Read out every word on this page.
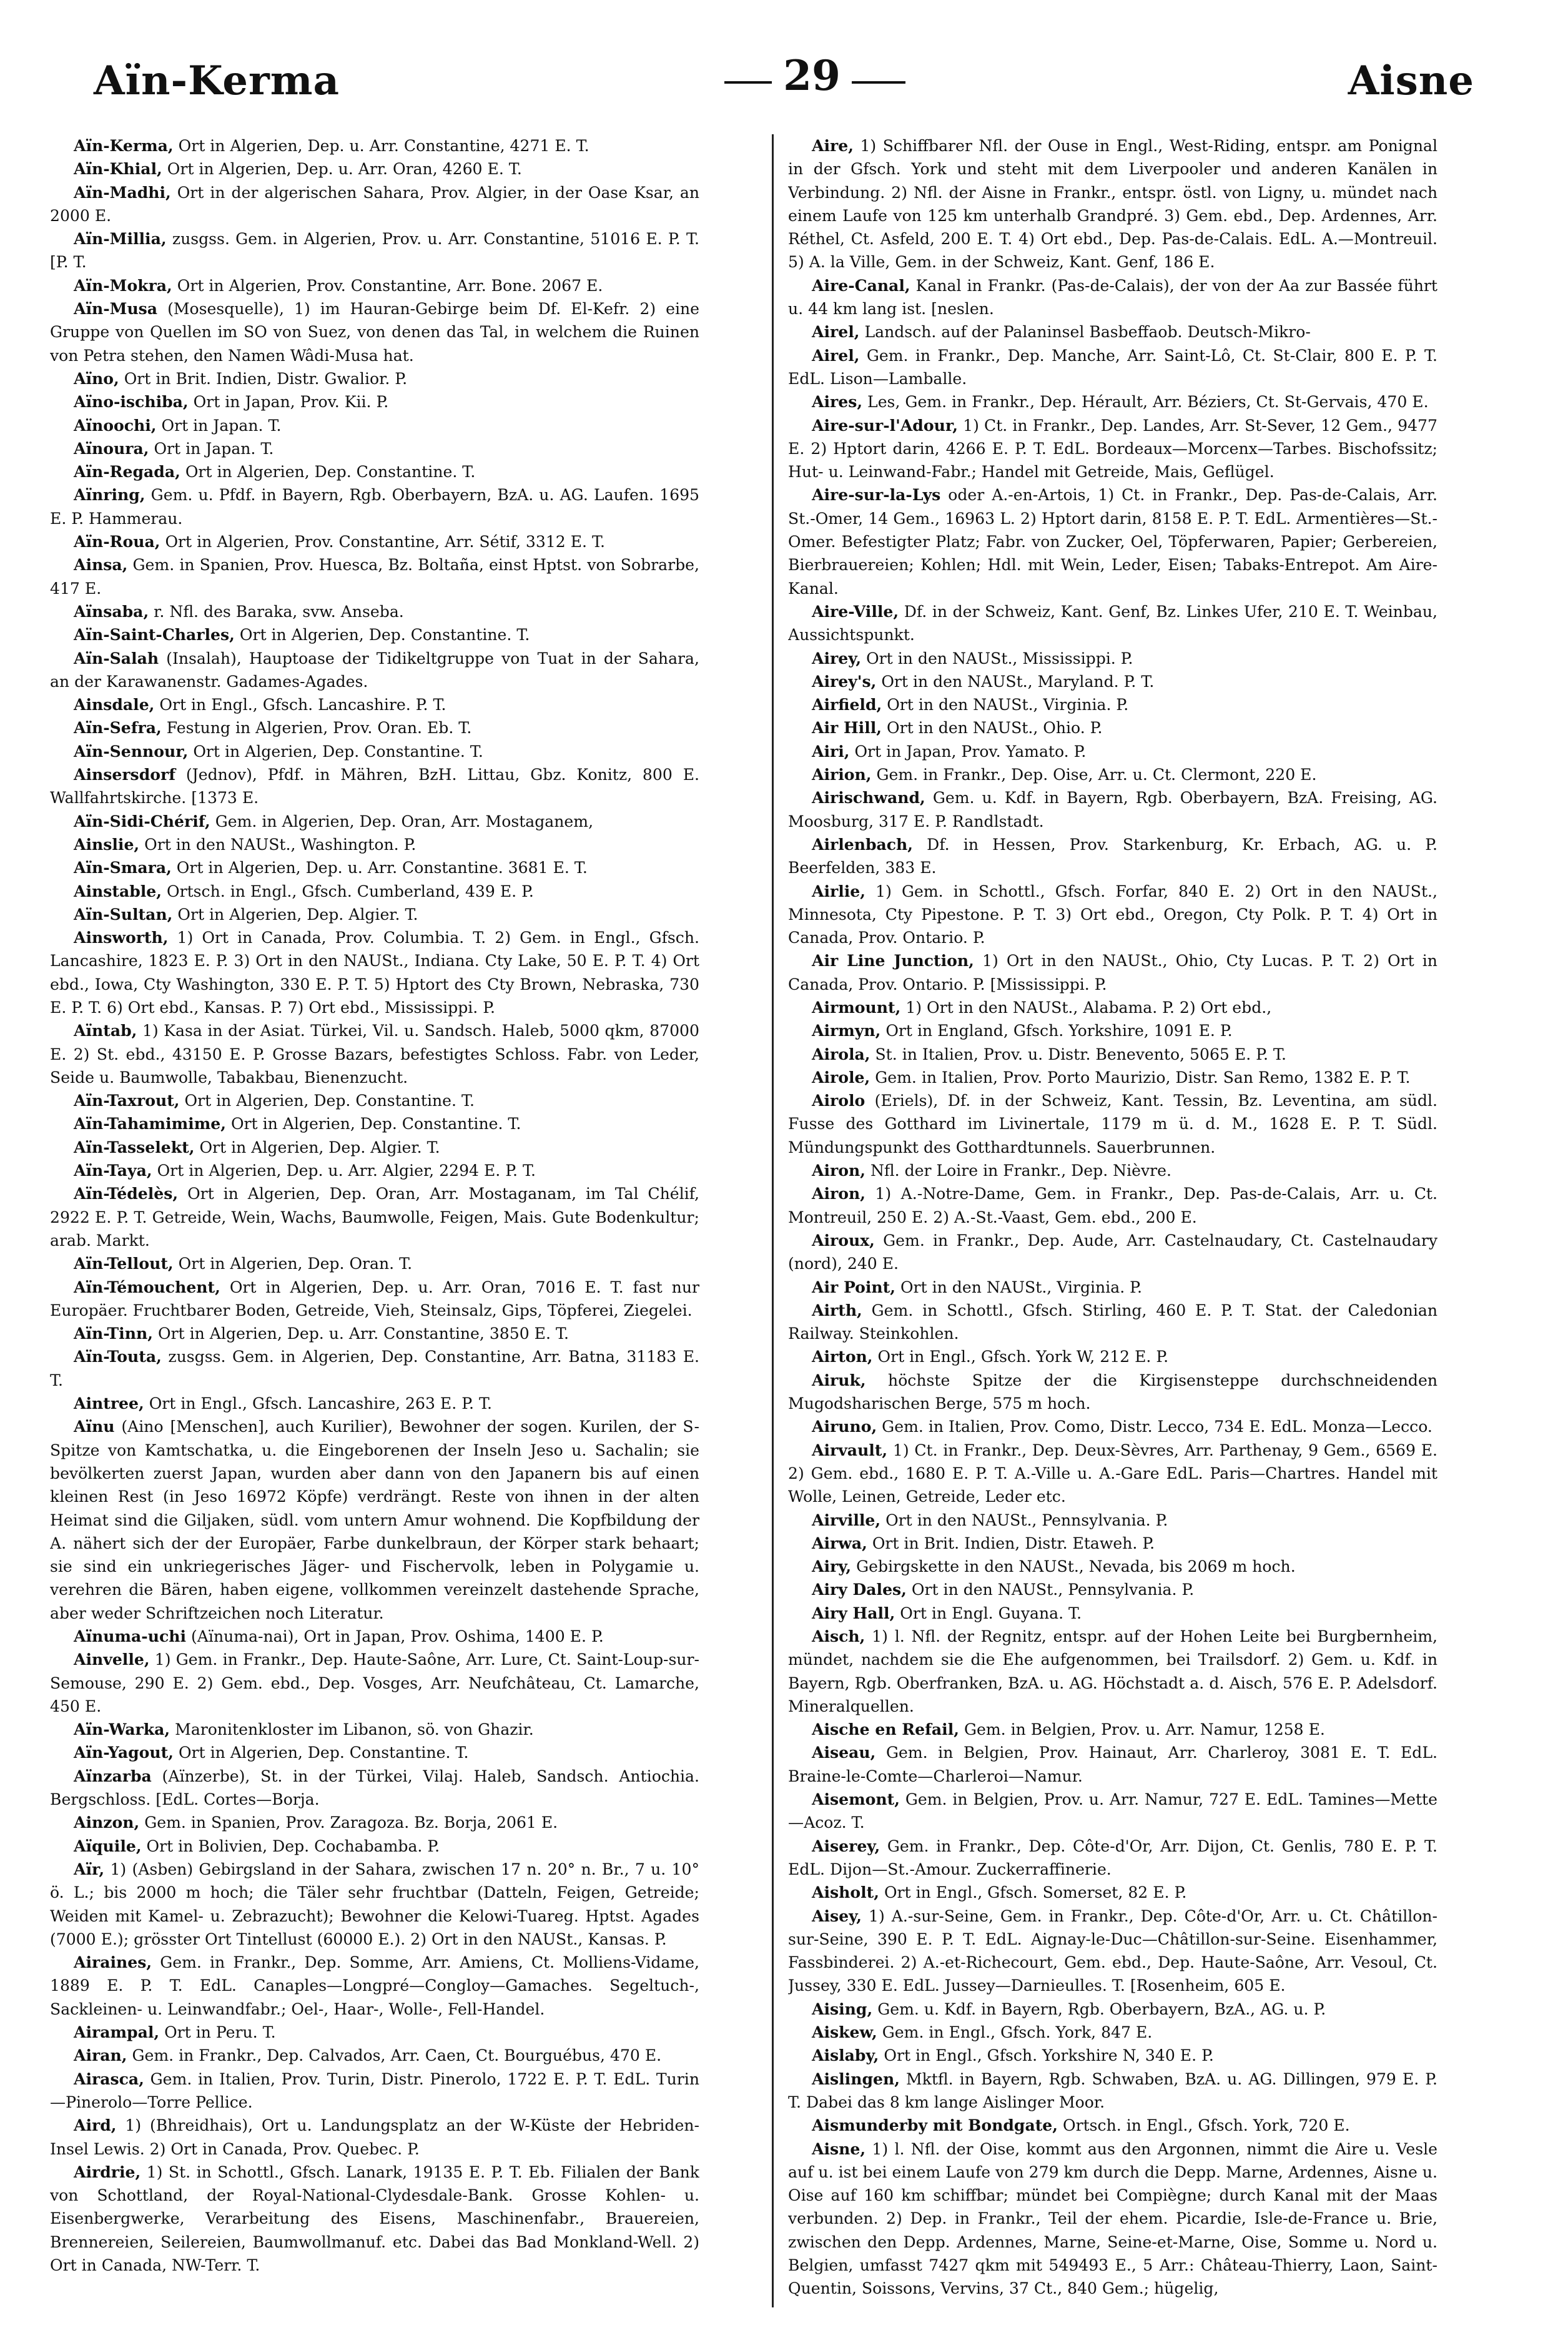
Aïn-Kerma	29	Aisne

Aïn-Kerma, Ort in Algerien, Dep. u. Arr. Constantine, 4271 E. T.

Aïn-Khial, Ort in Algerien, Dep. u. Arr. Oran, 4260 E. T.

Aïn-Madhi, Ort in der algerischen Sahara, Prov. Algier, in der Oase Ksar, an 2000 E.

Aïn-Millia, zusgss. Gem. in Algerien, Prov. u. Arr. Constantine, 51016 E. P. T. [P. T.

Aïn-Mokra, Ort in Algerien, Prov. Constantine, Arr. Bone. 2067 E.

Aïn-Musa (Mosesquelle), 1) im Hauran-Gebirge beim Df. El-Kefr. 2) eine Gruppe von Quellen im SO von Suez, von denen das Tal, in welchem die Ruinen von Petra stehen, den Namen Wâdi-Musa hat.

Aïno, Ort in Brit. Indien, Distr. Gwalior. P.

Aïno-ischiba, Ort in Japan, Prov. Kii. P.

Aïnoochi, Ort in Japan. T.

Aïnoura, Ort in Japan. T.

Aïn-Regada, Ort in Algerien, Dep. Constantine. T.

Aïnring, Gem. u. Pfdf. in Bayern, Rgb. Oberbayern, BzA. u. AG. Laufen. 1695 E. P. Hammerau.

Aïn-Roua, Ort in Algerien, Prov. Constantine, Arr. Sétif, 3312 E. T.

Ainsa, Gem. in Spanien, Prov. Huesca, Bz. Boltaña, einst Hptst. von Sobrarbe, 417 E.

Aïnsaba, r. Nfl. des Baraka, svw. Anseba.

Aïn-Saint-Charles, Ort in Algerien, Dep. Constantine. T.

Aïn-Salah (Insalah), Hauptoase der Tidikeltgruppe von Tuat in der Sahara, an der Karawanenstr. Gadames-Agades.

Ainsdale, Ort in Engl., Gfsch. Lancashire. P. T.

Aïn-Sefra, Festung in Algerien, Prov. Oran. Eb. T.

Aïn-Sennour, Ort in Algerien, Dep. Constantine. T.

Ainsersdorf (Jednov), Pfdf. in Mähren, BzH. Littau, Gbz. Konitz, 800 E. Wallfahrtskirche. [1373 E.

Aïn-Sidi-Chérif, Gem. in Algerien, Dep. Oran, Arr. Mostaganem,

Ainslie, Ort in den NAUSt., Washington. P.

Aïn-Smara, Ort in Algerien, Dep. u. Arr. Constantine. 3681 E. T.

Ainstable, Ortsch. in Engl., Gfsch. Cumberland, 439 E. P.

Aïn-Sultan, Ort in Algerien, Dep. Algier. T.

Ainsworth, 1) Ort in Canada, Prov. Columbia. T. 2) Gem. in Engl., Gfsch. Lancashire, 1823 E. P. 3) Ort in den NAUSt., Indiana. Cty Lake, 50 E. P. T. 4) Ort ebd., Iowa, Cty Washington, 330 E. P. T. 5) Hptort des Cty Brown, Nebraska, 730 E. P. T. 6) Ort ebd., Kansas. P. 7) Ort ebd., Mississippi. P.

Aïntab, 1) Kasa in der Asiat. Türkei, Vil. u. Sandsch. Haleb, 5000 qkm, 87000 E. 2) St. ebd., 43150 E. P. Grosse Bazars, befestigtes Schloss. Fabr. von Leder, Seide u. Baumwolle, Tabakbau, Bienenzucht.

Aïn-Taxrout, Ort in Algerien, Dep. Constantine. T.

Aïn-Tahamimime, Ort in Algerien, Dep. Constantine. T.

Aïn-Tasselekt, Ort in Algerien, Dep. Algier. T.

Aïn-Taya, Ort in Algerien, Dep. u. Arr. Algier, 2294 E. P. T.

Aïn-Tédelès, Ort in Algerien, Dep. Oran, Arr. Mostaganam, im Tal Chélif, 2922 E. P. T. Getreide, Wein, Wachs, Baumwolle, Feigen, Mais. Gute Bodenkultur; arab. Markt.

Aïn-Tellout, Ort in Algerien, Dep. Oran. T.

Aïn-Témouchent, Ort in Algerien, Dep. u. Arr. Oran, 7016 E. T. fast nur Europäer. Fruchtbarer Boden, Getreide, Vieh, Steinsalz, Gips, Töpferei, Ziegelei.

Aïn-Tinn, Ort in Algerien, Dep. u. Arr. Constantine, 3850 E. T.

Aïn-Touta, zusgss. Gem. in Algerien, Dep. Constantine, Arr. Batna, 31183 E. T.

Aintree, Ort in Engl., Gfsch. Lancashire, 263 E. P. T.

Aïnu (Aino [Menschen], auch Kurilier), Bewohner der sogen. Kurilen, der S-Spitze von Kamtschatka, u. die Eingeborenen der Inseln Jeso u. Sachalin; sie bevölkerten zuerst Japan, wurden aber dann von den Japanern bis auf einen kleinen Rest (in Jeso 16972 Köpfe) verdrängt. Reste von ihnen in der alten Heimat sind die Giljaken, südl. vom untern Amur wohnend. Die Kopfbildung der A. nähert sich der der Europäer, Farbe dunkelbraun, der Körper stark behaart; sie sind ein unkriegerisches Jäger- und Fischervolk, leben in Polygamie u. verehren die Bären, haben eigene, vollkommen vereinzelt dastehende Sprache, aber weder Schriftzeichen noch Literatur.

Aïnuma-uchi (Aïnuma-nai), Ort in Japan, Prov. Oshima, 1400 E. P.

Ainvelle, 1) Gem. in Frankr., Dep. Haute-Saône, Arr. Lure, Ct. Saint-Loup-sur-Semouse, 290 E. 2) Gem. ebd., Dep. Vosges, Arr. Neufchâteau, Ct. Lamarche, 450 E.

Aïn-Warka, Maronitenkloster im Libanon, sö. von Ghazir.

Aïn-Yagout, Ort in Algerien, Dep. Constantine. T.

Aïnzarba (Aïnzerbe), St. in der Türkei, Vilaj. Haleb, Sandsch. Antiochia. Bergschloss. [EdL. Cortes—Borja.

Ainzon, Gem. in Spanien, Prov. Zaragoza. Bz. Borja, 2061 E.

Aïquile, Ort in Bolivien, Dep. Cochabamba. P.

Aïr, 1) (Asben) Gebirgsland in der Sahara, zwischen 17 n. 20° n. Br., 7 u. 10° ö. L.; bis 2000 m hoch; die Täler sehr fruchtbar (Datteln, Feigen, Getreide; Weiden mit Kamel- u. Zebrazucht); Bewohner die Kelowi-Tuareg. Hptst. Agades (7000 E.); grösster Ort Tintellust (60000 E.). 2) Ort in den NAUSt., Kansas. P.

Airaines, Gem. in Frankr., Dep. Somme, Arr. Amiens, Ct. Molliens-Vidame, 1889 E. P. T. EdL. Canaples—Longpré—Congloy—Gamaches. Segeltuch-, Sackleinen- u. Leinwandfabr.; Oel-, Haar-, Wolle-, Fell-Handel.

Airampal, Ort in Peru. T.

Airan, Gem. in Frankr., Dep. Calvados, Arr. Caen, Ct. Bourguébus, 470 E.

Airasca, Gem. in Italien, Prov. Turin, Distr. Pinerolo, 1722 E. P. T. EdL. Turin—Pinerolo—Torre Pellice.

Aird, 1) (Bhreidhais), Ort u. Landungsplatz an der W-Küste der Hebriden-Insel Lewis. 2) Ort in Canada, Prov. Quebec. P.

Airdrie, 1) St. in Schottl., Gfsch. Lanark, 19135 E. P. T. Eb. Filialen der Bank von Schottland, der Royal-National-Clydesdale-Bank. Grosse Kohlen- u. Eisenbergwerke, Verarbeitung des Eisens, Maschinenfabr., Brauereien, Brennereien, Seilereien, Baumwollmanuf. etc. Dabei das Bad Monkland-Well. 2) Ort in Canada, NW-Terr. T.

Aire, 1) Schiffbarer Nfl. der Ouse in Engl., West-Riding, entspr. am Ponignal in der Gfsch. York und steht mit dem Liverpooler und anderen Kanälen in Verbindung. 2) Nfl. der Aisne in Frankr., entspr. östl. von Ligny, u. mündet nach einem Laufe von 125 km unterhalb Grandpré. 3) Gem. ebd., Dep. Ardennes, Arr. Réthel, Ct. Asfeld, 200 E. T. 4) Ort ebd., Dep. Pas-de-Calais. EdL. A.—Montreuil. 5) A. la Ville, Gem. in der Schweiz, Kant. Genf, 186 E.

Aire-Canal, Kanal in Frankr. (Pas-de-Calais), der von der Aa zur Bassée führt u. 44 km lang ist. [neslen.

Airel, Landsch. auf der Palaninsel Basbeffaob. Deutsch-Mikro-

Airel, Gem. in Frankr., Dep. Manche, Arr. Saint-Lô, Ct. St-Clair, 800 E. P. T. EdL. Lison—Lamballe.

Aires, Les, Gem. in Frankr., Dep. Hérault, Arr. Béziers, Ct. St-Gervais, 470 E.

Aire-sur-l'Adour, 1) Ct. in Frankr., Dep. Landes, Arr. St-Sever, 12 Gem., 9477 E. 2) Hptort darin, 4266 E. P. T. EdL. Bordeaux—Morcenx—Tarbes. Bischofssitz; Hut- u. Leinwand-Fabr.; Handel mit Getreide, Mais, Geflügel.

Aire-sur-la-Lys oder A.-en-Artois, 1) Ct. in Frankr., Dep. Pas-de-Calais, Arr. St.-Omer, 14 Gem., 16963 L. 2) Hptort darin, 8158 E. P. T. EdL. Armentières—St.-Omer. Befestigter Platz; Fabr. von Zucker, Oel, Töpferwaren, Papier; Gerbereien, Bierbrauereien; Kohlen; Hdl. mit Wein, Leder, Eisen; Tabaks-Entrepot. Am Aire-Kanal.

Aire-Ville, Df. in der Schweiz, Kant. Genf, Bz. Linkes Ufer, 210 E. T. Weinbau, Aussichtspunkt.

Airey, Ort in den NAUSt., Mississippi. P.

Airey's, Ort in den NAUSt., Maryland. P. T.

Airfield, Ort in den NAUSt., Virginia. P.

Air Hill, Ort in den NAUSt., Ohio. P.

Airi, Ort in Japan, Prov. Yamato. P.

Airion, Gem. in Frankr., Dep. Oise, Arr. u. Ct. Clermont, 220 E.

Airischwand, Gem. u. Kdf. in Bayern, Rgb. Oberbayern, BzA. Freising, AG. Moosburg, 317 E. P. Randlstadt.

Airlenbach, Df. in Hessen, Prov. Starkenburg, Kr. Erbach, AG. u. P. Beerfelden, 383 E.

Airlie, 1) Gem. in Schottl., Gfsch. Forfar, 840 E. 2) Ort in den NAUSt., Minnesota, Cty Pipestone. P. T. 3) Ort ebd., Oregon, Cty Polk. P. T. 4) Ort in Canada, Prov. Ontario. P.

Air Line Junction, 1) Ort in den NAUSt., Ohio, Cty Lucas. P. T. 2) Ort in Canada, Prov. Ontario. P. [Mississippi. P.

Airmount, 1) Ort in den NAUSt., Alabama. P. 2) Ort ebd.,

Airmyn, Ort in England, Gfsch. Yorkshire, 1091 E. P.

Airola, St. in Italien, Prov. u. Distr. Benevento, 5065 E. P. T.

Airole, Gem. in Italien, Prov. Porto Maurizio, Distr. San Remo, 1382 E. P. T.

Airolo (Eriels), Df. in der Schweiz, Kant. Tessin, Bz. Leventina, am südl. Fusse des Gotthard im Livinertale, 1179 m ü. d. M., 1628 E. P. T. Südl. Mündungspunkt des Gotthardtunnels. Sauerbrunnen.

Airon, Nfl. der Loire in Frankr., Dep. Nièvre.

Airon, 1) A.-Notre-Dame, Gem. in Frankr., Dep. Pas-de-Calais, Arr. u. Ct. Montreuil, 250 E. 2) A.-St.-Vaast, Gem. ebd., 200 E.

Airoux, Gem. in Frankr., Dep. Aude, Arr. Castelnaudary, Ct. Castelnaudary (nord), 240 E.

Air Point, Ort in den NAUSt., Virginia. P.

Airth, Gem. in Schottl., Gfsch. Stirling, 460 E. P. T. Stat. der Caledonian Railway. Steinkohlen.

Airton, Ort in Engl., Gfsch. York W, 212 E. P.

Airuk, höchste Spitze der die Kirgisensteppe durchschneidenden Mugodsharischen Berge, 575 m hoch.

Airuno, Gem. in Italien, Prov. Como, Distr. Lecco, 734 E. EdL. Monza—Lecco.

Airvault, 1) Ct. in Frankr., Dep. Deux-Sèvres, Arr. Parthenay, 9 Gem., 6569 E. 2) Gem. ebd., 1680 E. P. T. A.-Ville u. A.-Gare EdL. Paris—Chartres. Handel mit Wolle, Leinen, Getreide, Leder etc.

Airville, Ort in den NAUSt., Pennsylvania. P.

Airwa, Ort in Brit. Indien, Distr. Etaweh. P.

Airy, Gebirgskette in den NAUSt., Nevada, bis 2069 m hoch.

Airy Dales, Ort in den NAUSt., Pennsylvania. P.

Airy Hall, Ort in Engl. Guyana. T.

Aisch, 1) l. Nfl. der Regnitz, entspr. auf der Hohen Leite bei Burgbernheim, mündet, nachdem sie die Ehe aufgenommen, bei Trailsdorf. 2) Gem. u. Kdf. in Bayern, Rgb. Oberfranken, BzA. u. AG. Höchstadt a. d. Aisch, 576 E. P. Adelsdorf. Mineralquellen.

Aische en Refail, Gem. in Belgien, Prov. u. Arr. Namur, 1258 E.

Aiseau, Gem. in Belgien, Prov. Hainaut, Arr. Charleroy, 3081 E. T. EdL. Braine-le-Comte—Charleroi—Namur.

Aisemont, Gem. in Belgien, Prov. u. Arr. Namur, 727 E. EdL. Tamines—Mette—Acoz. T.

Aiserey, Gem. in Frankr., Dep. Côte-d'Or, Arr. Dijon, Ct. Genlis, 780 E. P. T. EdL. Dijon—St.-Amour. Zuckerraffinerie.

Aisholt, Ort in Engl., Gfsch. Somerset, 82 E. P.

Aisey, 1) A.-sur-Seine, Gem. in Frankr., Dep. Côte-d'Or, Arr. u. Ct. Châtillon-sur-Seine, 390 E. P. T. EdL. Aignay-le-Duc—Châtillon-sur-Seine. Eisenhammer, Fassbinderei. 2) A.-et-Richecourt, Gem. ebd., Dep. Haute-Saône, Arr. Vesoul, Ct. Jussey, 330 E. EdL. Jussey—Darnieulles. T. [Rosenheim, 605 E.

Aising, Gem. u. Kdf. in Bayern, Rgb. Oberbayern, BzA., AG. u. P.

Aiskew, Gem. in Engl., Gfsch. York, 847 E.

Aislaby, Ort in Engl., Gfsch. Yorkshire N, 340 E. P.

Aislingen, Mktfl. in Bayern, Rgb. Schwaben, BzA. u. AG. Dillingen, 979 E. P. T. Dabei das 8 km lange Aislinger Moor.

Aismunderby mit Bondgate, Ortsch. in Engl., Gfsch. York, 720 E.

Aisne, 1) l. Nfl. der Oise, kommt aus den Argonnen, nimmt die Aire u. Vesle auf u. ist bei einem Laufe von 279 km durch die Depp. Marne, Ardennes, Aisne u. Oise auf 160 km schiffbar; mündet bei Compiègne; durch Kanal mit der Maas verbunden. 2) Dep. in Frankr., Teil der ehem. Picardie, Isle-de-France u. Brie, zwischen den Depp. Ardennes, Marne, Seine-et-Marne, Oise, Somme u. Nord u. Belgien, umfasst 7427 qkm mit 549493 E., 5 Arr.: Château-Thierry, Laon, Saint-Quentin, Soissons, Vervins, 37 Ct., 840 Gem.; hügelig,
